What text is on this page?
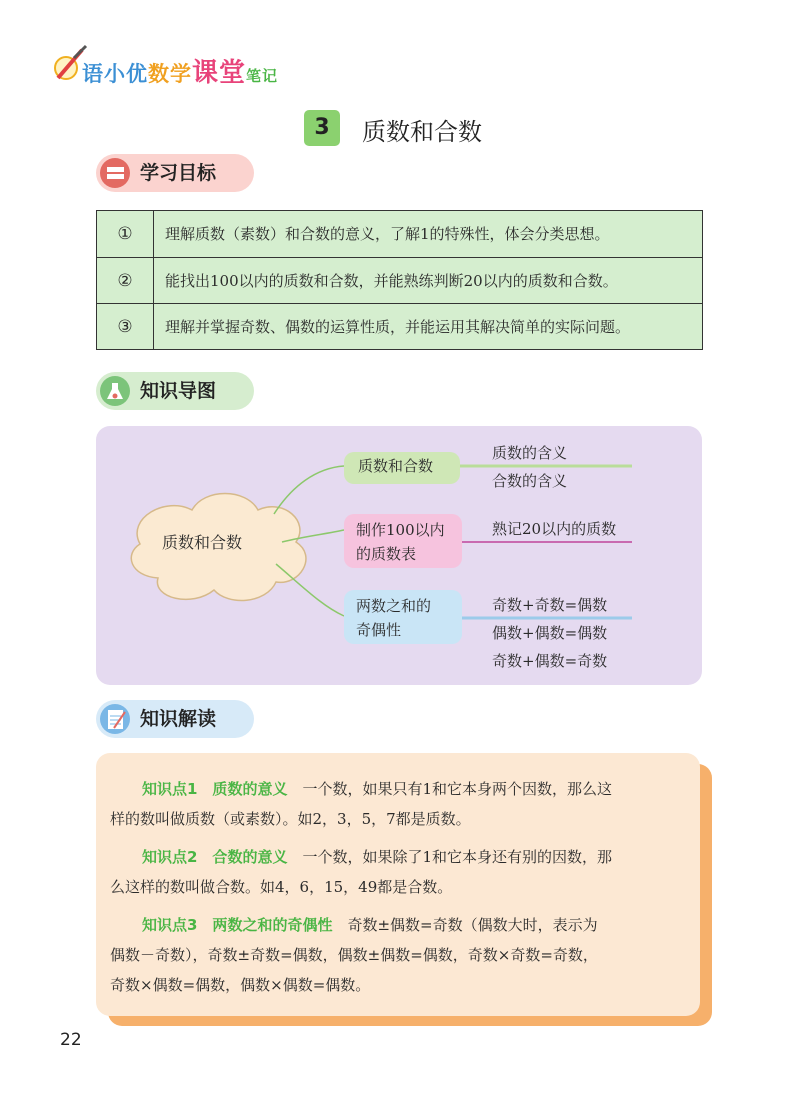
语小优数学课堂笔记
3	质数和合数
学习目标
①	理解质数（素数）和合数的意义，了解1的特殊性，体会分类思想。
②	能找出100以内的质数和合数，并能熟练判断20以内的质数和合数。
③	理解并掌握奇数、偶数的运算性质，并能运用其解决简单的实际问题。
知识导图
质数和合数
质数和合数
质数的含义
合数的含义
制作100以内
的质数表
熟记20以内的质数
两数之和的
奇偶性
奇数+奇数=偶数
偶数+偶数=偶数
奇数+偶数=奇数
知识解读
知识点1　质数的意义　 一个数，如果只有1和它本身两个因数，那么这
样的数叫做质数（或素数）。如2，3，5，7都是质数。
知识点2　合数的意义　 一个数，如果除了1和它本身还有别的因数，那
么这样的数叫做合数。如4，6，15，49都是合数。
知识点3　两数之和的奇偶性　 奇数±偶数=奇数（偶数大时，表示为
偶数－奇数），奇数±奇数=偶数，偶数±偶数=偶数，奇数×奇数=奇数，
奇数×偶数=偶数，偶数×偶数=偶数。
22
